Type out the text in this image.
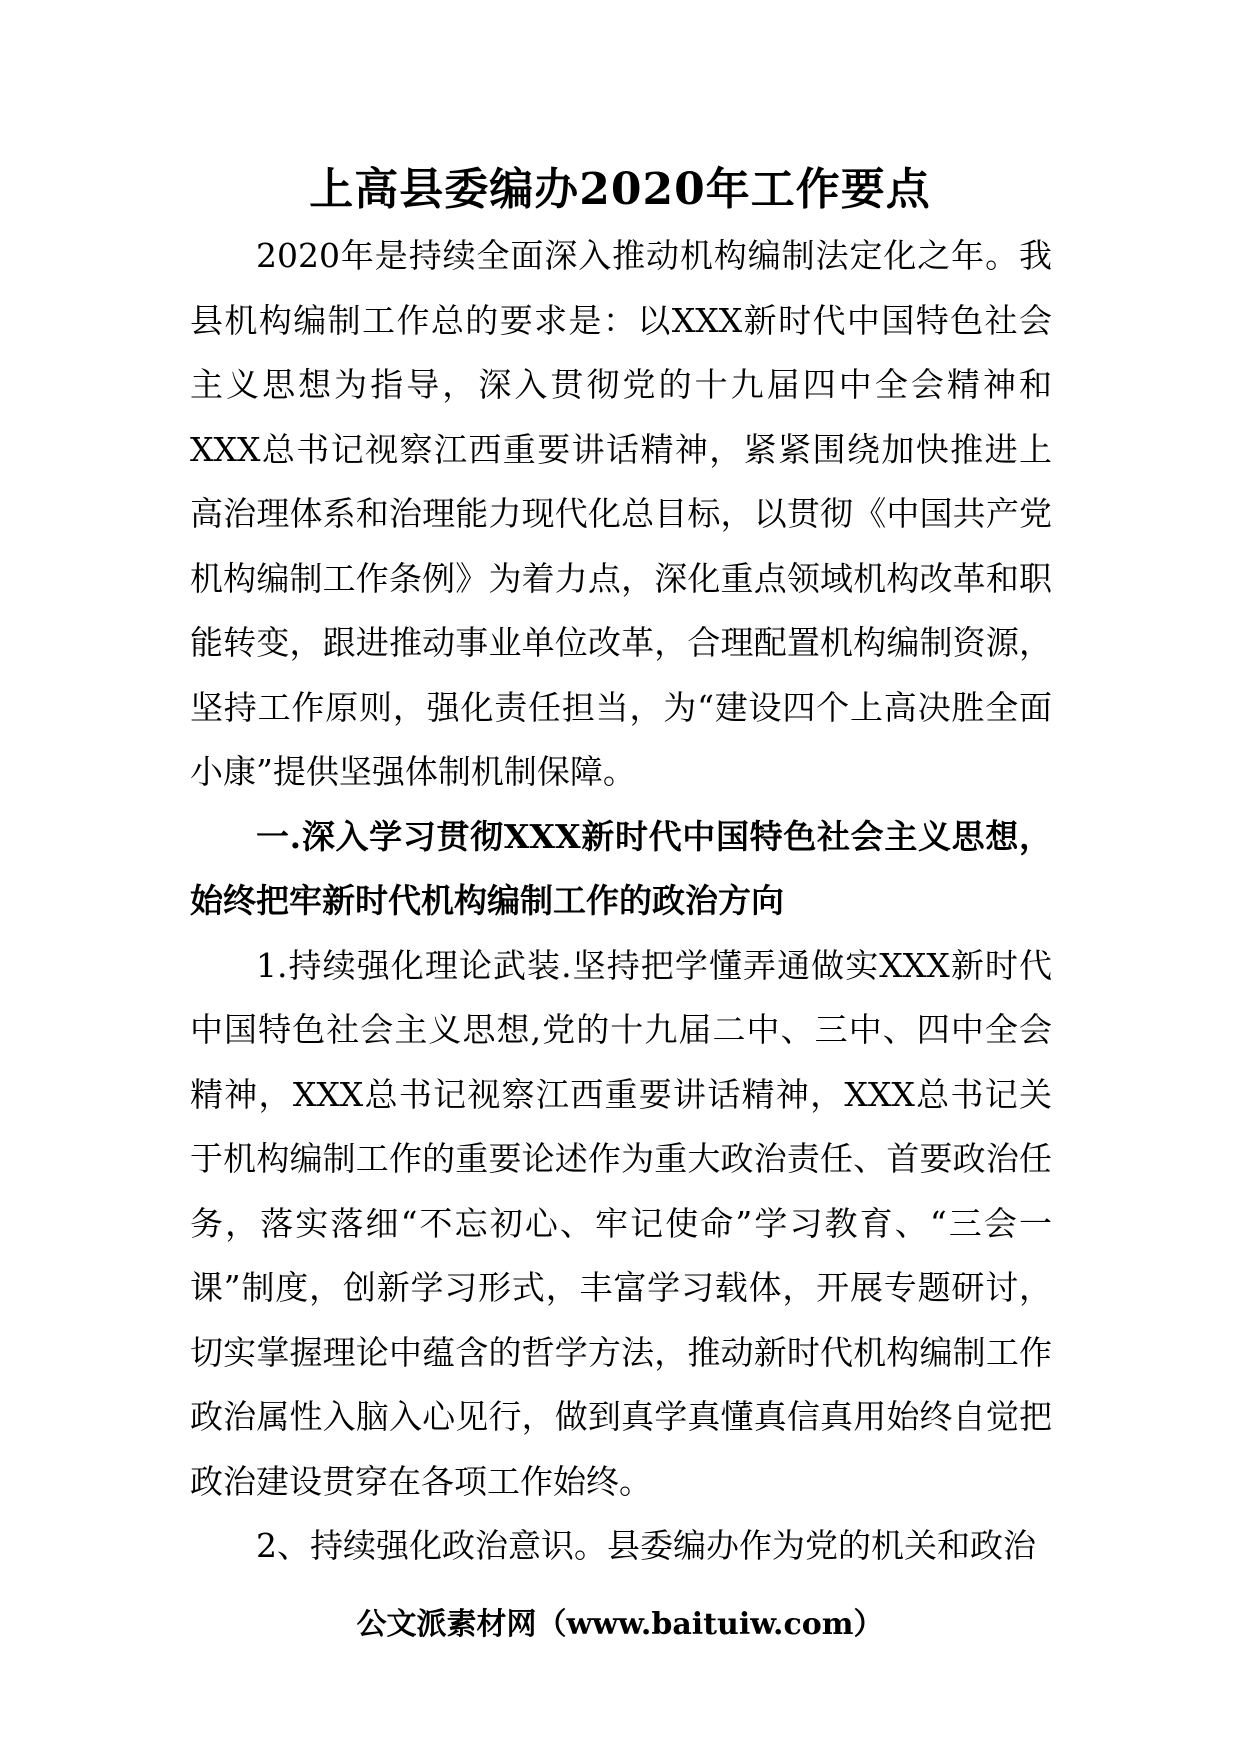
上高县委编办2020年工作要点

2020年是持续全面深入推动机构编制法定化之年。我县机构编制工作总的要求是：以XXX新时代中国特色社会主义思想为指导，深入贯彻党的十九届四中全会精神和XXX总书记视察江西重要讲话精神，紧紧围绕加快推进上高治理体系和治理能力现代化总目标，以贯彻《中国共产党机构编制工作条例》为着力点，深化重点领域机构改革和职能转变，跟进推动事业单位改革，合理配置机构编制资源，坚持工作原则，强化责任担当，为“建设四个上高决胜全面小康”提供坚强体制机制保障。

一.深入学习贯彻XXX新时代中国特色社会主义思想，始终把牢新时代机构编制工作的政治方向

1.持续强化理论武装.坚持把学懂弄通做实XXX新时代中国特色社会主义思想,党的十九届二中、三中、四中全会精神，XXX总书记视察江西重要讲话精神，XXX总书记关于机构编制工作的重要论述作为重大政治责任、首要政治任务，落实落细“不忘初心、牢记使命”学习教育、“三会一课”制度，创新学习形式，丰富学习载体，开展专题研讨，切实掌握理论中蕴含的哲学方法，推动新时代机构编制工作政治属性入脑入心见行，做到真学真懂真信真用始终自觉把政治建设贯穿在各项工作始终。

2、持续强化政治意识。县委编办作为党的机关和政治

公文派素材网（www.baituiw.com）
